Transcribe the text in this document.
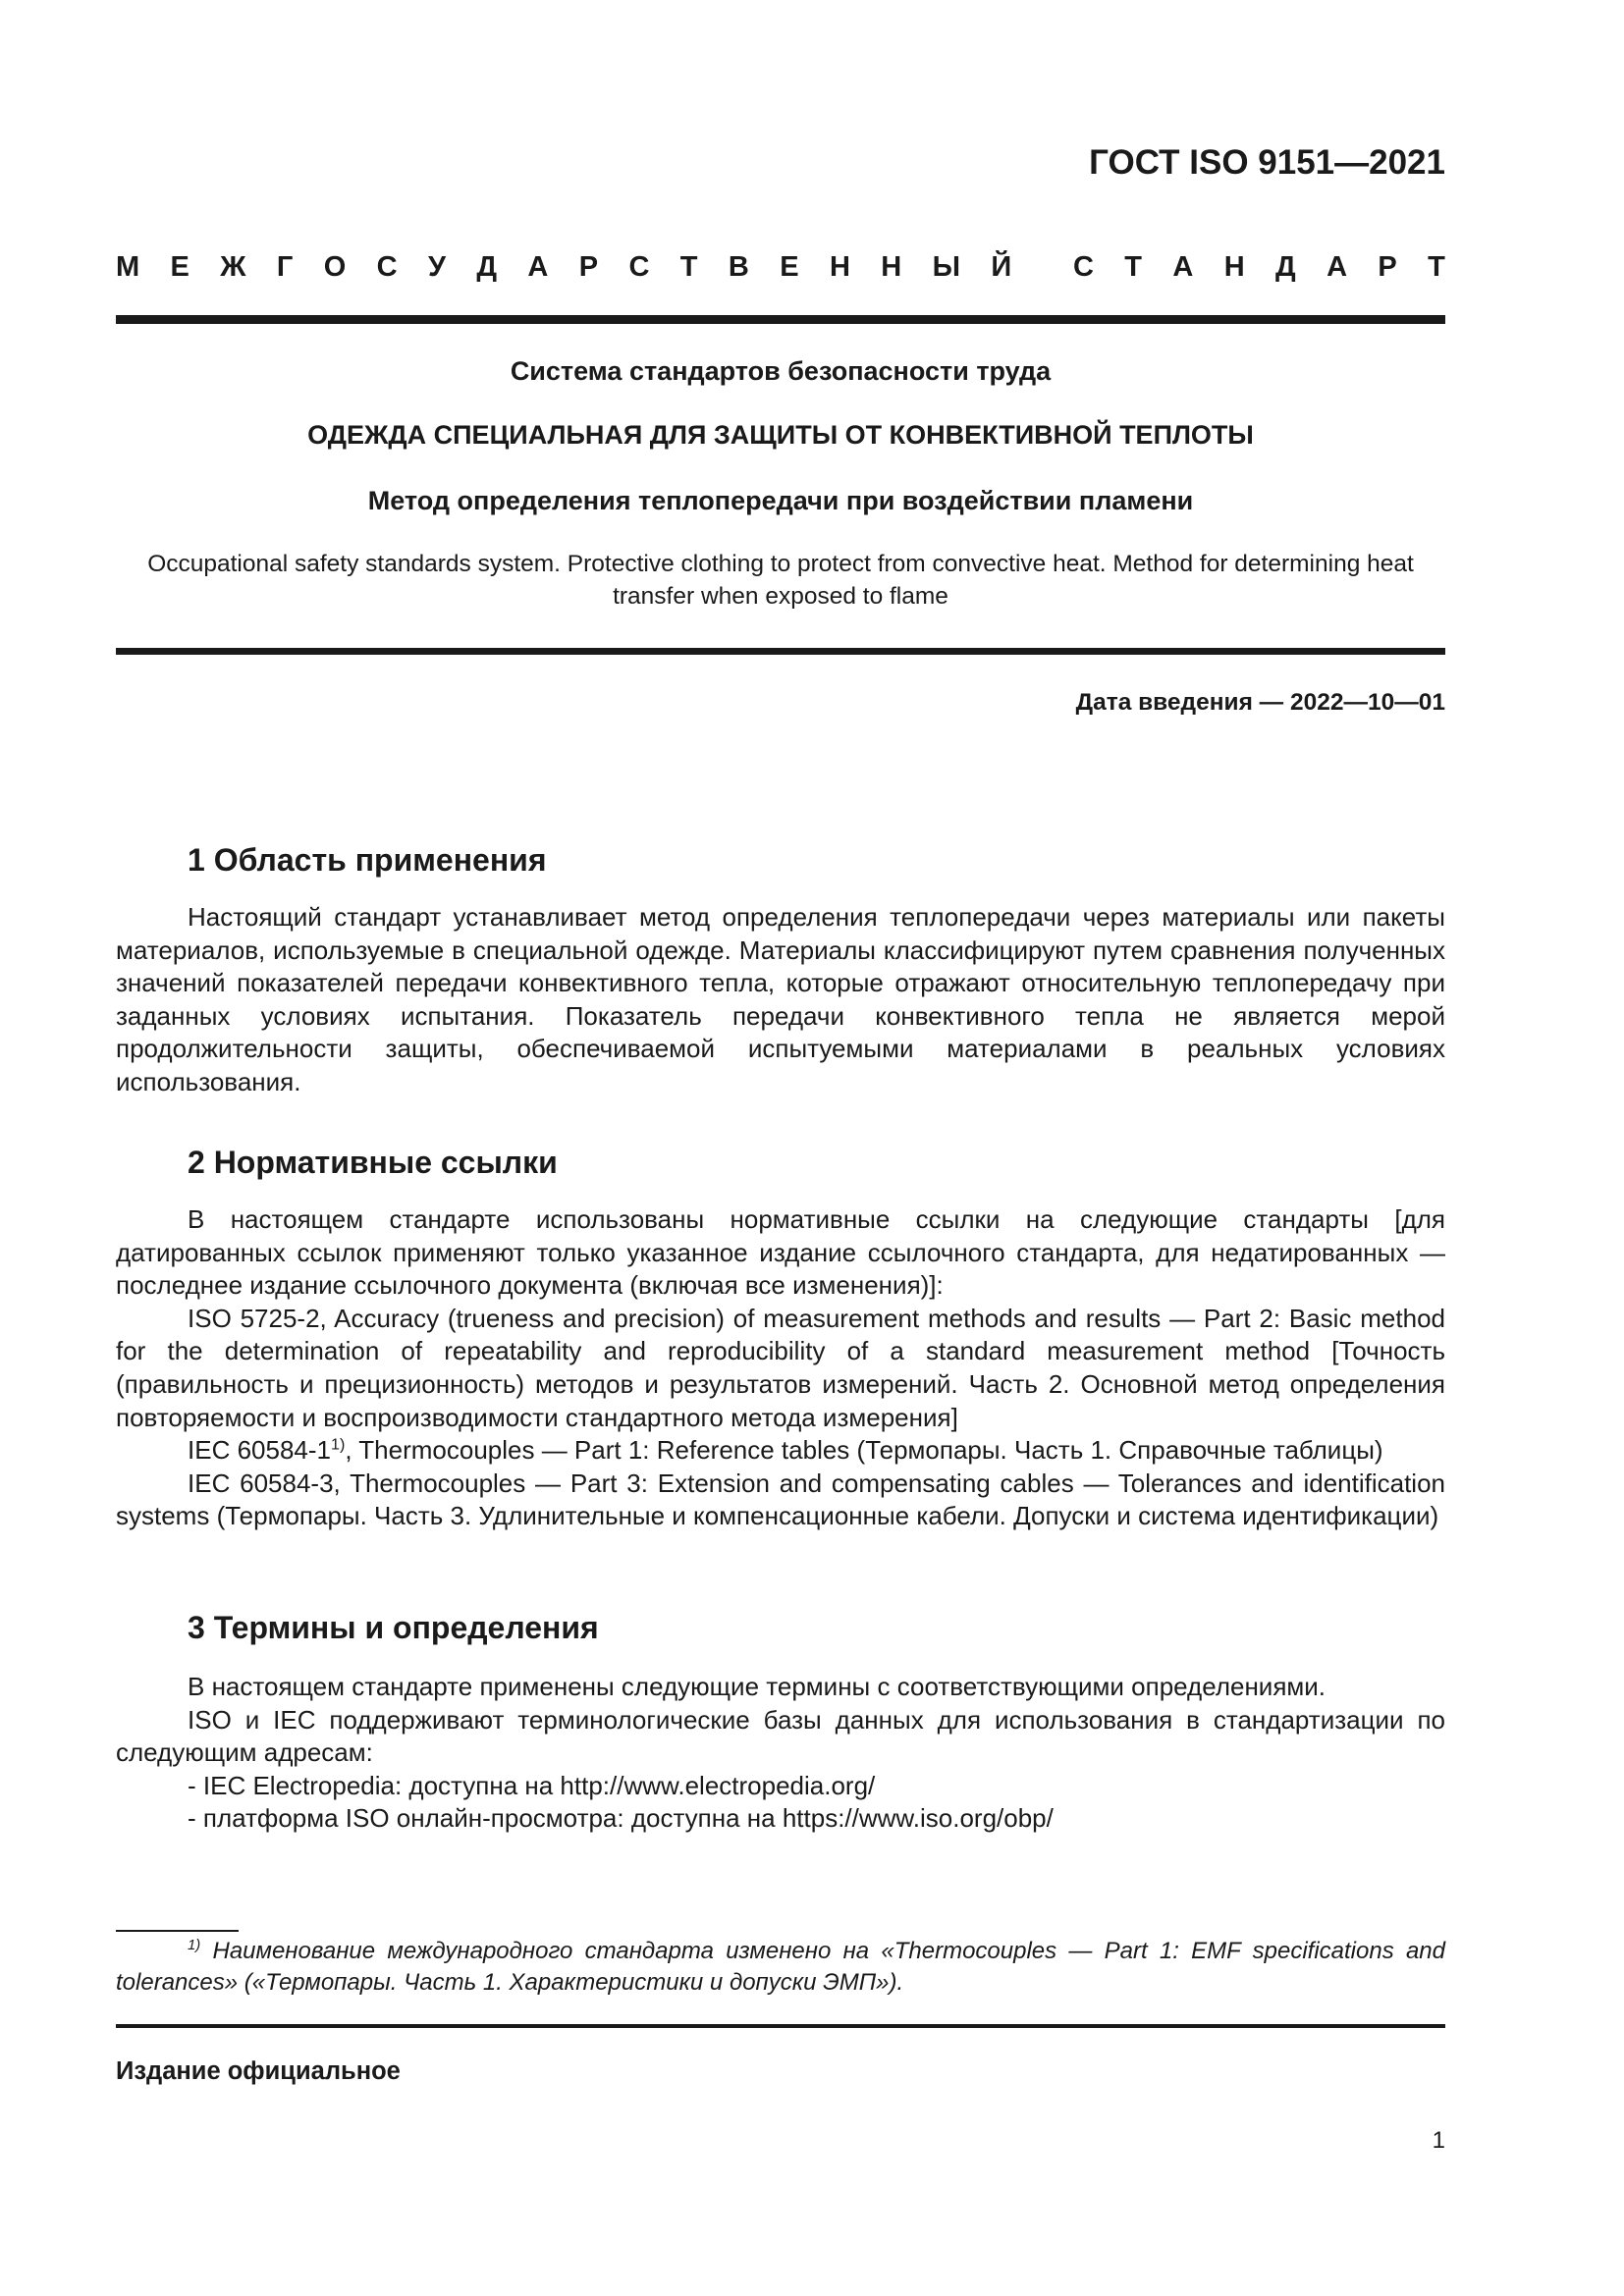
ГОСТ ISO 9151—2021
М Е Ж Г О С У Д А Р С Т В Е Н Н Ы Й С Т А Н Д А Р Т
Система стандартов безопасности труда
ОДЕЖДА СПЕЦИАЛЬНАЯ ДЛЯ ЗАЩИТЫ ОТ КОНВЕКТИВНОЙ ТЕПЛОТЫ
Метод определения теплопередачи при воздействии пламени
Occupational safety standards system. Protective clothing to protect from convective heat. Method for determining heat transfer when exposed to flame
Дата введения — 2022—10—01
1 Область применения

Настоящий стандарт устанавливает метод определения теплопередачи через материалы или пакеты материалов, используемые в специальной одежде. Материалы классифицируют путем сравнения полученных значений показателей передачи конвективного тепла, которые отражают относительную теплопередачу при заданных условиях испытания. Показатель передачи конвективного тепла не является мерой продолжительности защиты, обеспечиваемой испытуемыми материалами в реальных условиях использования.

2 Нормативные ссылки

В настоящем стандарте использованы нормативные ссылки на следующие стандарты [для датированных ссылок применяют только указанное издание ссылочного стандарта, для недатированных — последнее издание ссылочного документа (включая все изменения)]:

ISO 5725-2, Accuracy (trueness and precision) of measurement methods and results — Part 2: Basic method for the determination of repeatability and reproducibility of a standard measurement method [Точность (правильность и прецизионность) методов и результатов измерений. Часть 2. Основной метод определения повторяемости и воспроизводимости стандартного метода измерения]

IEC 60584-1$^{1)}$, Thermocouples — Part 1: Reference tables (Термопары. Часть 1. Справочные таблицы)

IEC 60584-3, Thermocouples — Part 3: Extension and compensating cables — Tolerances and identification systems (Термопары. Часть 3. Удлинительные и компенсационные кабели. Допуски и система идентификации)

3 Термины и определения

В настоящем стандарте применены следующие термины с соответствующими определениями.

ISO и IEC поддерживают терминологические базы данных для использования в стандартизации по следующим адресам:

- IEC Electropedia: доступна на http://www.electropedia.org/
- платформа ISO онлайн-просмотра: доступна на https://www.iso.org/obp/
$^{1)}$ Наименование международного стандарта изменено на «Thermocouples — Part 1: EMF specifications and tolerances» («Термопары. Часть 1. Характеристики и допуски ЭМП»).
Издание официальное
1
